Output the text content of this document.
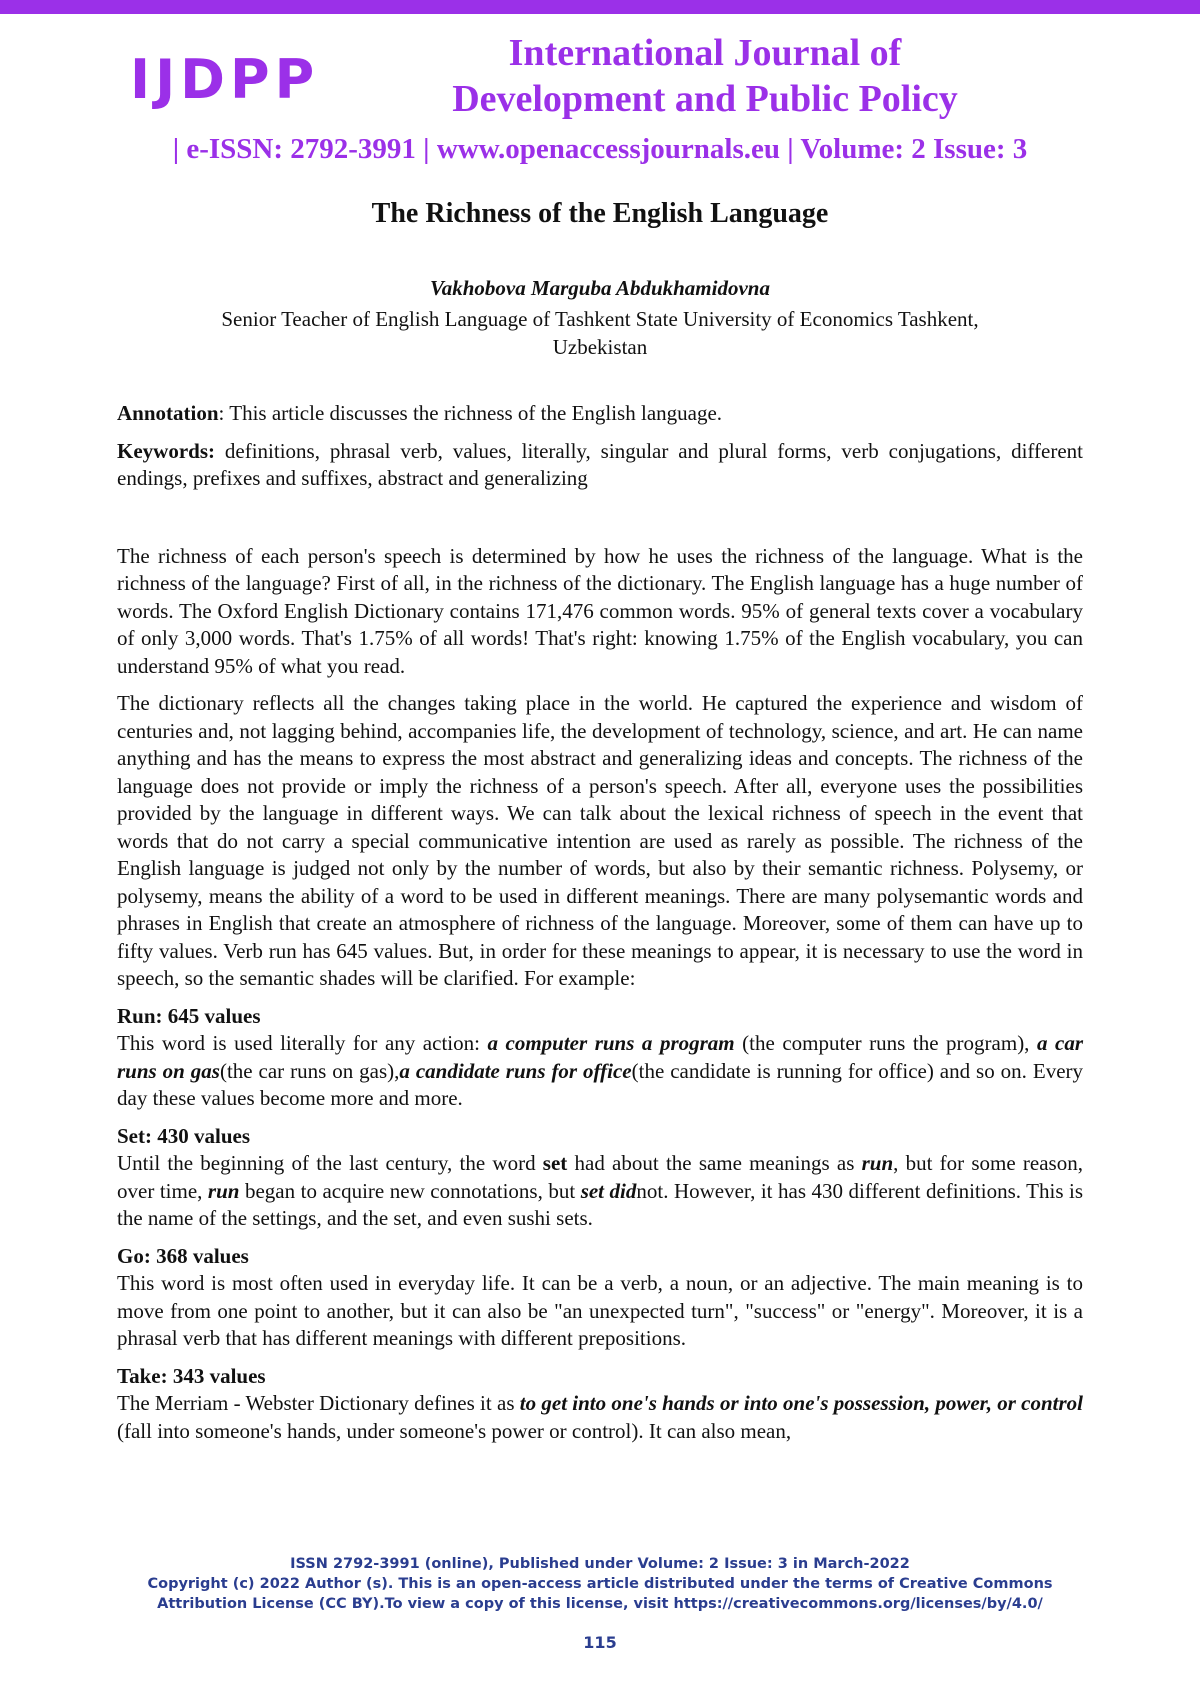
IJDPP	International Journal of
Development and Public Policy
| e-ISSN: 2792-3991 | www.openaccessjournals.eu | Volume: 2 Issue: 3
The Richness of the English Language
Vakhobova Marguba Abdukhamidovna
Senior Teacher of English Language of Tashkent State University of Economics Tashkent,
Uzbekistan

Annotation: This article discusses the richness of the English language.

Keywords: definitions, phrasal verb, values, literally, singular and plural forms, verb conjugations, different endings, prefixes and suffixes, abstract and generalizing

The richness of each person's speech is determined by how he uses the richness of the language. What is the richness of the language? First of all, in the richness of the dictionary. The English language has a huge number of words. The Oxford English Dictionary contains 171,476 common words. 95% of general texts cover a vocabulary of only 3,000 words. That's 1.75% of all words! That's right: knowing 1.75% of the English vocabulary, you can understand 95% of what you read.

The dictionary reflects all the changes taking place in the world. He captured the experience and wisdom of centuries and, not lagging behind, accompanies life, the development of technology, science, and art. He can name anything and has the means to express the most abstract and generalizing ideas and concepts. The richness of the language does not provide or imply the richness of a person's speech. After all, everyone uses the possibilities provided by the language in different ways. We can talk about the lexical richness of speech in the event that words that do not carry a special communicative intention are used as rarely as possible. The richness of the English language is judged not only by the number of words, but also by their semantic richness. Polysemy, or polysemy, means the ability of a word to be used in different meanings. There are many polysemantic words and phrases in English that create an atmosphere of richness of the language. Moreover, some of them can have up to fifty values. Verb run has 645 values. But, in order for these meanings to appear, it is necessary to use the word in speech, so the semantic shades will be clarified. For example:

Run: 645 values

This word is used literally for any action: a computer runs a program (the computer runs the program), a car runs on gas(the car runs on gas),a candidate runs for office(the candidate is running for office) and so on. Every day these values become more and more.

Set: 430 values

Until the beginning of the last century, the word set had about the same meanings as run, but for some reason, over time, run began to acquire new connotations, but set didnot. However, it has 430 different definitions. This is the name of the settings, and the set, and even sushi sets.

Go: 368 values

This word is most often used in everyday life. It can be a verb, a noun, or an adjective. The main meaning is to move from one point to another, but it can also be "an unexpected turn", "success" or "energy". Moreover, it is a phrasal verb that has different meanings with different prepositions.

Take: 343 values

The Merriam - Webster Dictionary defines it as to get into one's hands or into one's possession, power, or control (fall into someone's hands, under someone's power or control). It can also mean,

ISSN 2792-3991 (online), Published under Volume: 2 Issue: 3 in March-2022
Copyright (c) 2022 Author (s). This is an open-access article distributed under the terms of Creative Commons
Attribution License (CC BY).To view a copy of this license, visit https://creativecommons.org/licenses/by/4.0/
115
